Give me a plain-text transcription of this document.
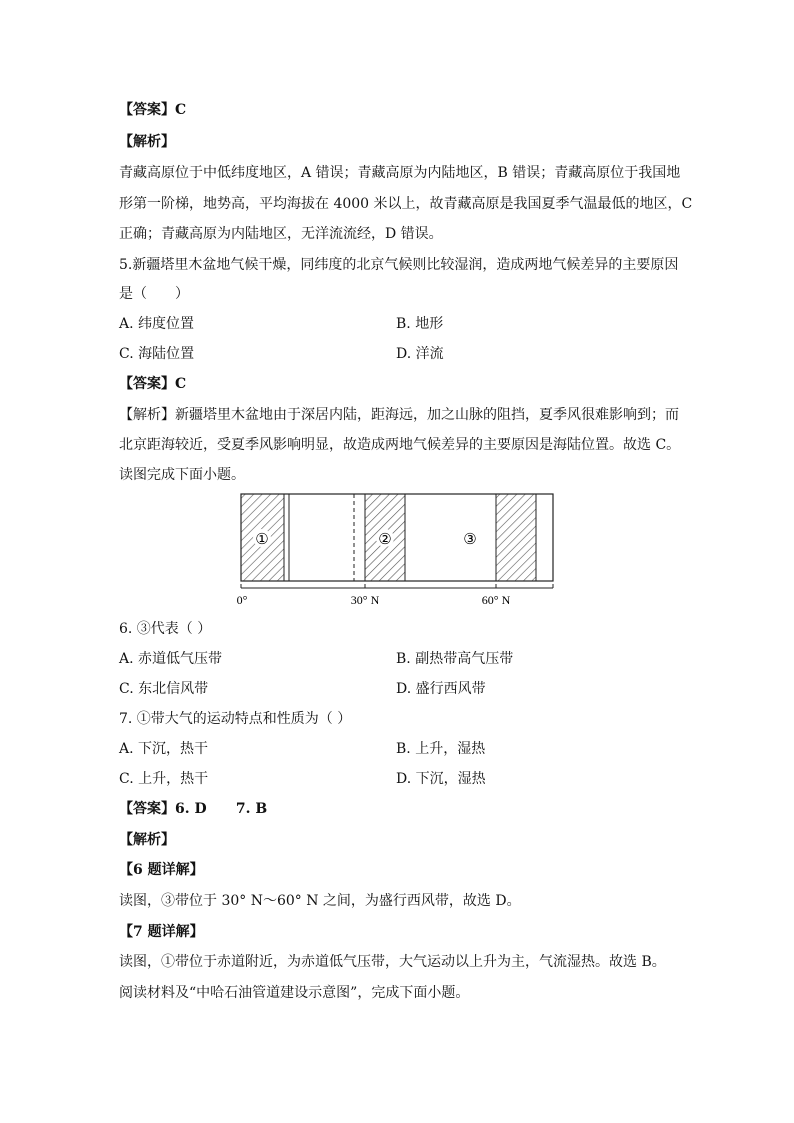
【答案】C
【解析】
青藏高原位于中低纬度地区，A 错误；青藏高原为内陆地区，B 错误；青藏高原位于我国地
形第一阶梯，地势高，平均海拔在 4000 米以上，故青藏高原是我国夏季气温最低的地区，C
正确；青藏高原为内陆地区，无洋流流经，D 错误。
5.新疆塔里木盆地气候干燥，同纬度的北京气候则比较湿润，造成两地气候差异的主要原因
是（　　）
A. 纬度位置	B. 地形
C. 海陆位置	D. 洋流
【答案】C
【解析】新疆塔里木盆地由于深居内陆，距海远，加之山脉的阻挡，夏季风很难影响到；而
北京距海较近，受夏季风影响明显，故造成两地气候差异的主要原因是海陆位置。故选 C。
读图完成下面小题。
①	②	③
0°	30° N	60° N
6. ③代表（ ）
A. 赤道低气压带	B. 副热带高气压带
C. 东北信风带	D. 盛行西风带
7. ①带大气的运动特点和性质为（ ）
A. 下沉，热干	B. 上升，湿热
C. 上升，热干	D. 下沉，湿热
【答案】6. D      7. B
【解析】
【6 题详解】
读图，③带位于 30° N～60° N 之间，为盛行西风带，故选 D。
【7 题详解】
读图，①带位于赤道附近，为赤道低气压带，大气运动以上升为主，气流湿热。故选 B。
阅读材料及“中哈石油管道建设示意图”，完成下面小题。
